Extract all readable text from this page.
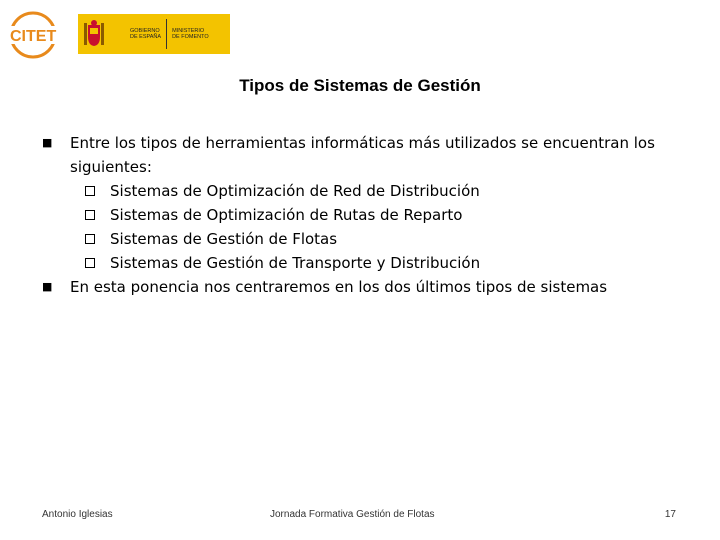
CITET	GOBIERNO
DE ESPAÑA
MINISTERIO
DE FOMENTO
Tipos de Sistemas de Gestión
■ Entre los tipos de herramientas informáticas más utilizados se encuentran los siguientes:
Sistemas de Optimización de Red de Distribución
Sistemas de Optimización de Rutas de Reparto
Sistemas de Gestión de Flotas
Sistemas de Gestión de Transporte y Distribución
■ En esta ponencia nos centraremos en los dos últimos tipos de sistemas
Antonio Iglesias	Jornada Formativa Gestión de Flotas	17
